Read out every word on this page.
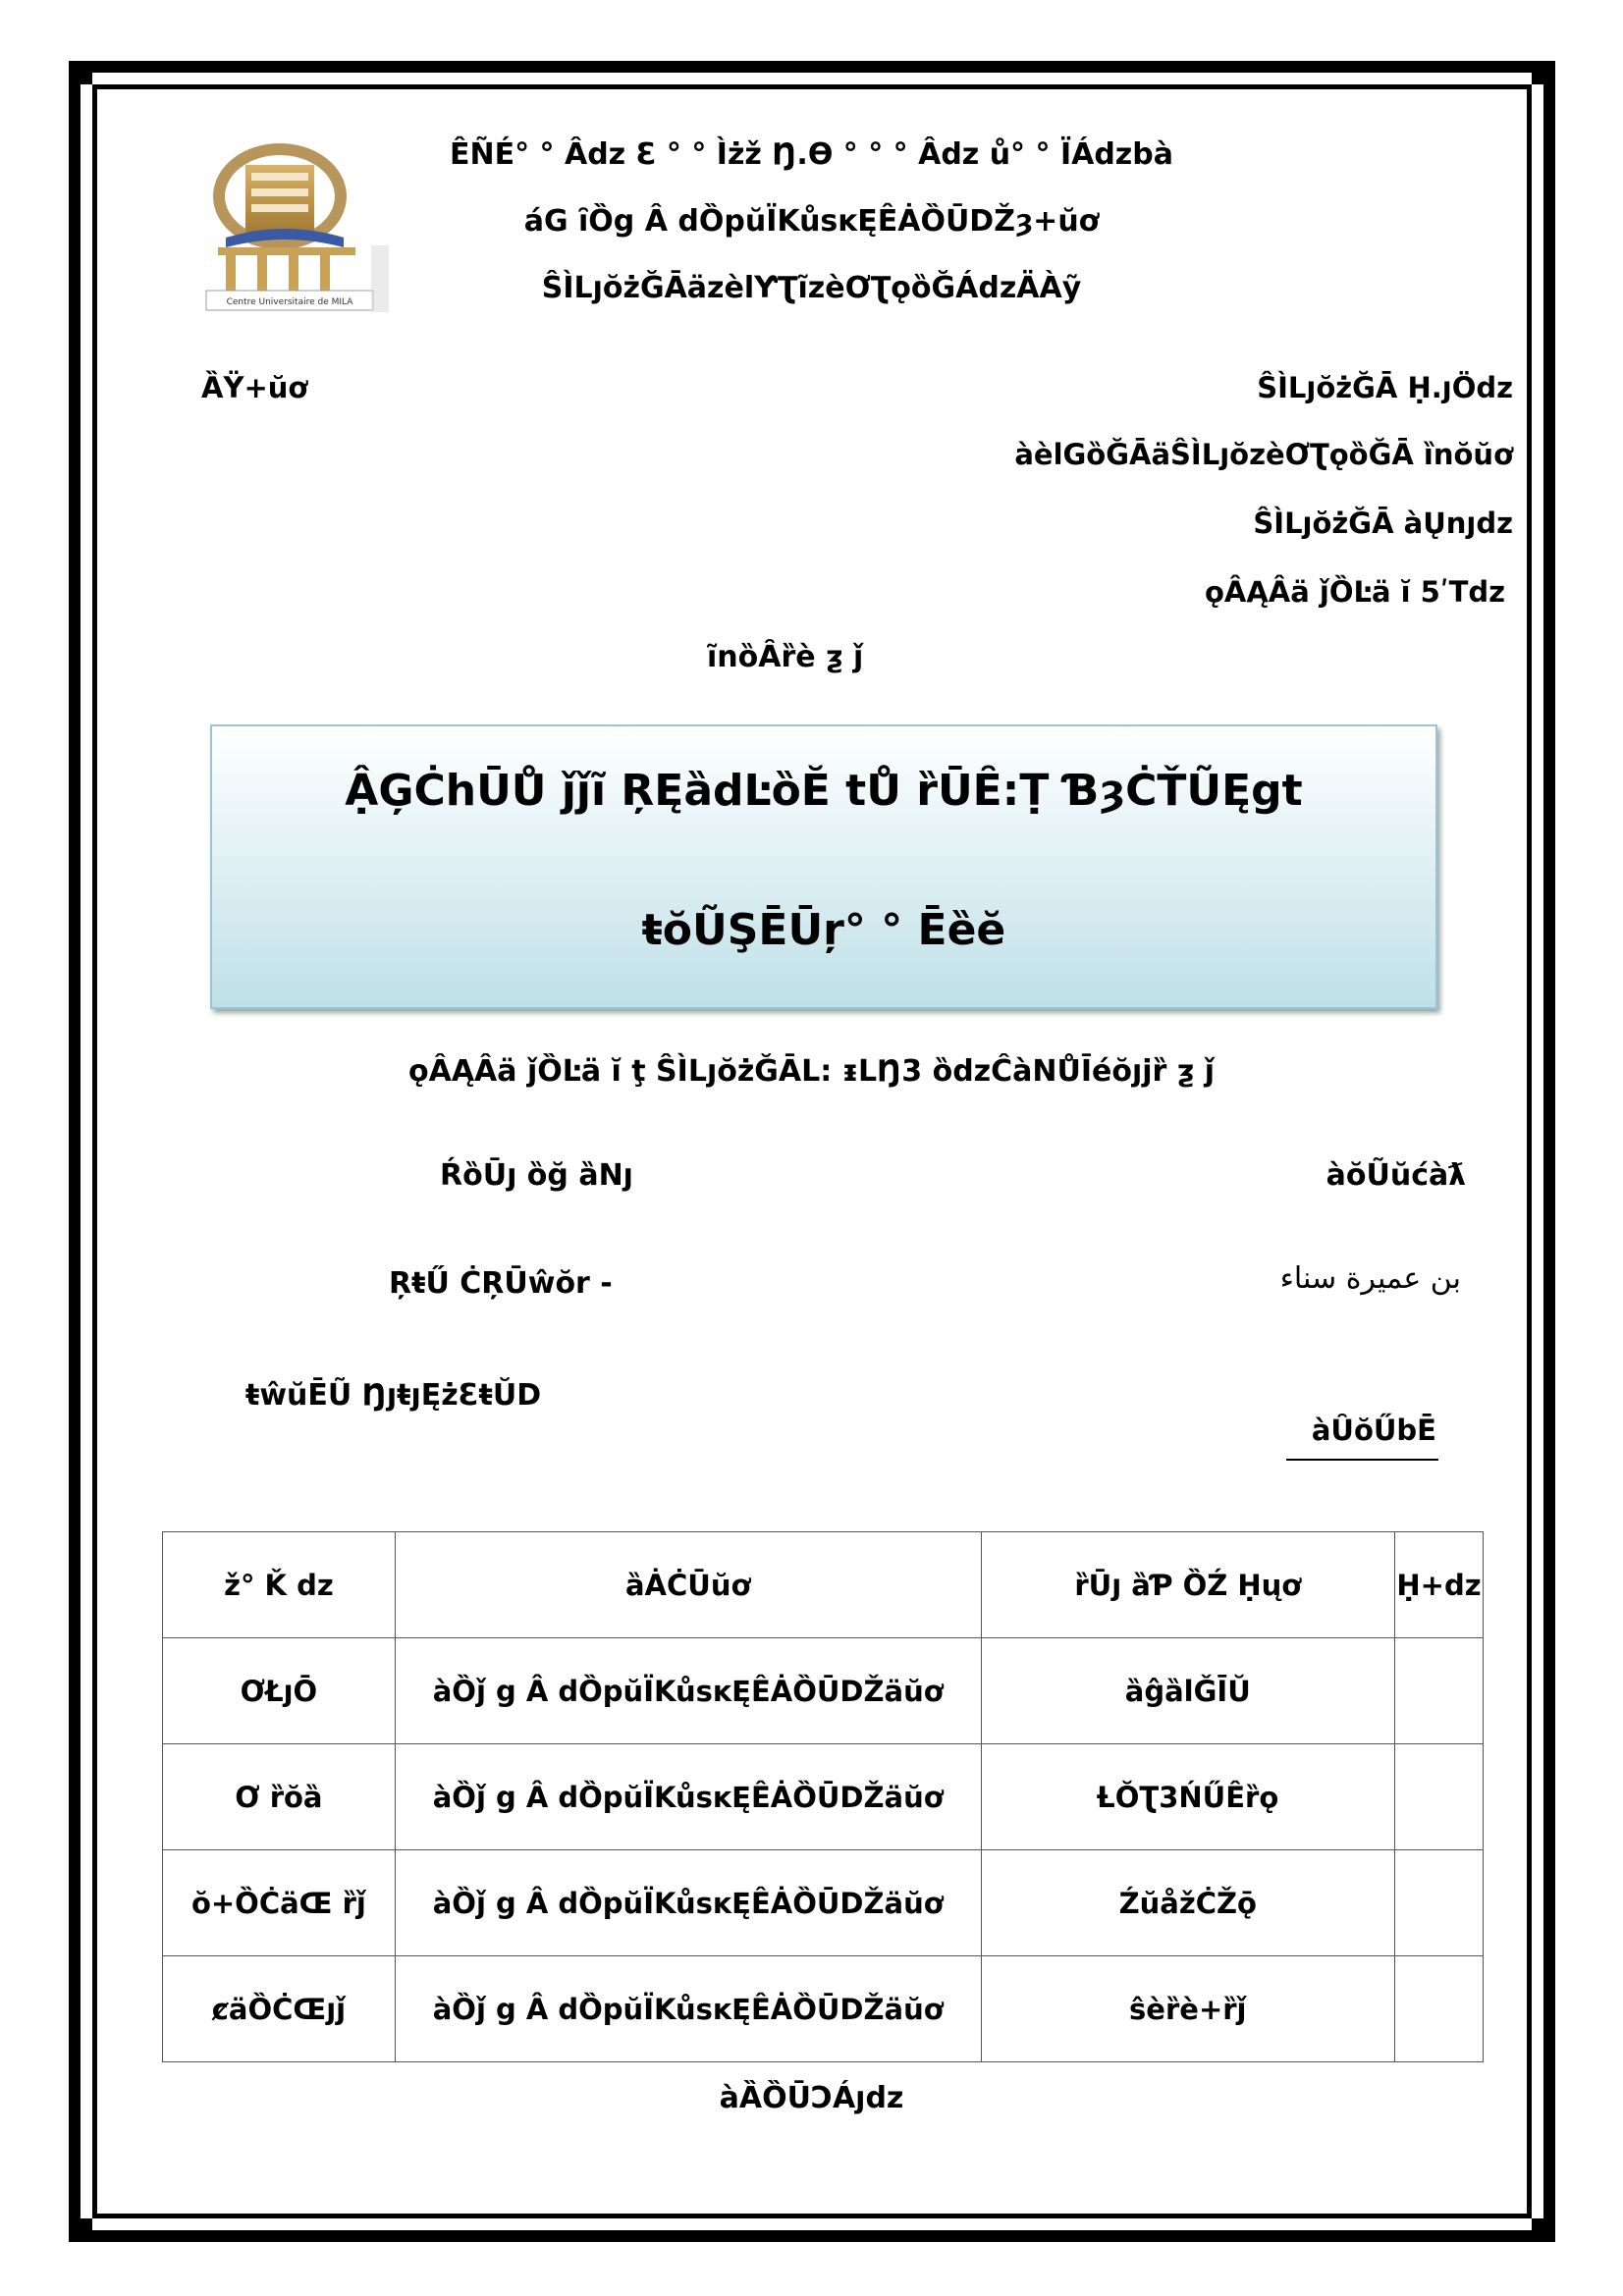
Centre Universitaire de MILA
ÊÑÉ° ° Âdz Ɛ ° ° Ìżž Ŋ.Ɵ ° ° ° Âdz ů° ° ÏÁdzbà
áG ȋȌg Â dȌpŭÏKůsĸĘÊȦȌŪDŽȝ+ŭơ
ŜÌLȷŏżĞĀäzèlƳƮĩzèƠƮǫȍĞÁdzÄÀỹ
ȀŸ+ŭơ	ŜÌLȷŏżĞĀ Ḥ.ȷÖdz
àèlGȍĞĀäŜÌLȷŏzèƠƮǫȍĞĀ ȉnŏŭơ
ŜÌLȷŏżĞĀ àŲnȷdz
ǫÂĄÂä ǰȌĿä ĭ 5ʹTdz
ĩnȍȂȑè ƺ ǰ
ẬĢĊhŪŮ ǰǰĩ ŖĘȁdĿȍĔ tŮ ȑŪȆ:Ṭ ƁȝĊŤŨĘgt
ŧŏŨŞĒŪŗ° ° Ēȅĕ
ǫÂĄÂä ǰȌĿä ĭ ţ ŜÌLȷŏżĞĀL: ᵻLŊ3 ȍdzĈàNŮĪéŏȷjȑ ƺ ǰ
ŔȍŪȷ ȍğ ȁNȷ	àŏŨŭćàƛ
ŖŧŰ ĊŖŪŵŏr -	بن عميرة سناء
ŧŵŭĒŨ ŊȷŧȷĘżƐŧŬD
àȖŏŰbĒ
ž° Ǩ dz	ȁȦĊŪŭơ	ȑŪȷ ȁƤ ȌŹ Ḥųơ	Ḥ+dz
ƠŁȷŌ	àȌǰ g Â dȌpŭÏKůsĸĘÊȦȌŪDŽäŭơ	ȁĝȁlǦĪŬ	
Ơ ȑŏȁ	àȌǰ g Â dȌpŭÏKůsĸĘÊȦȌŪDŽäŭơ	ȽŎƮ3ŃŰÊȑǫ	
ŏ+ȌĊäŒ ȑǰ	àȌǰ g Â dȌpŭÏKůsĸĘÊȦȌŪDŽäŭơ	ŹŭåžĊŽǭ	
ȼäȌĊŒȷǰ	àȌǰ g Â dȌpŭÏKůsĸĘÊȦȌŪDŽäŭơ	ŝèȑè+ȑǰ	
àȀȌŪƆÁȷdz
